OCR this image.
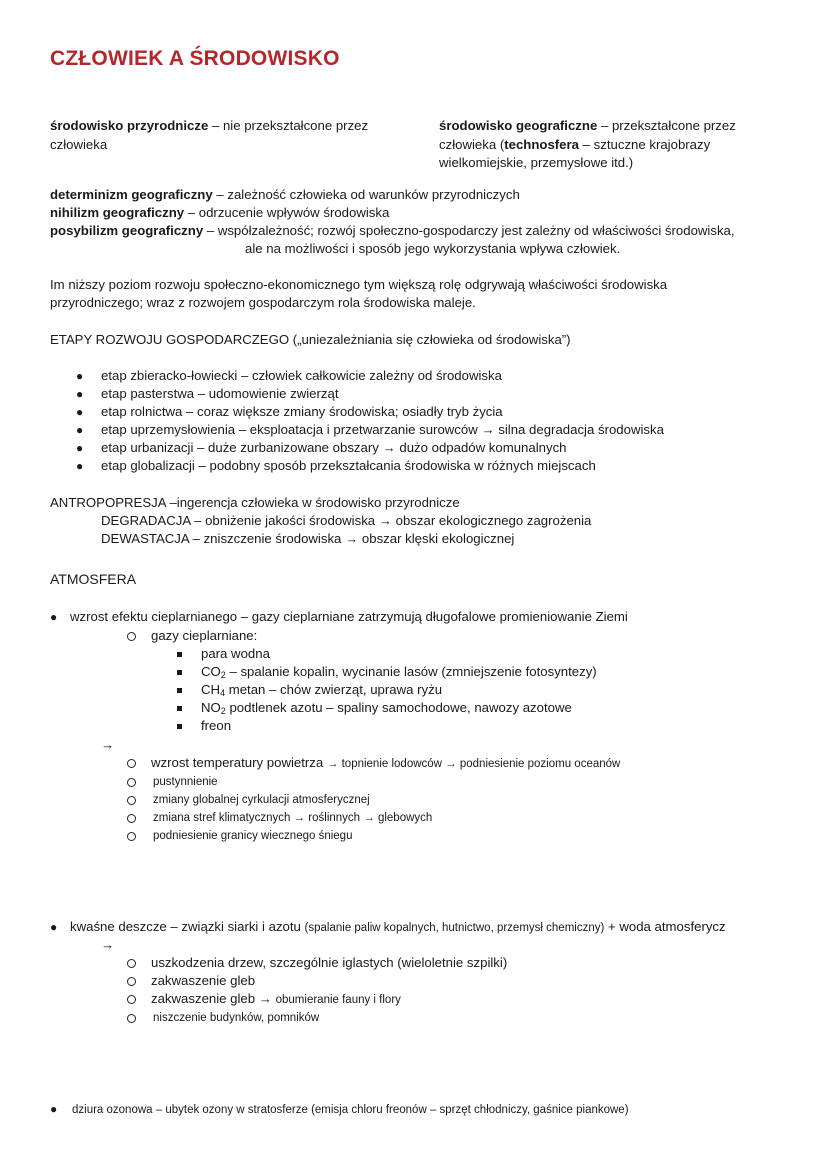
CZŁOWIEK A ŚRODOWISKO
środowisko przyrodnicze – nie przekształcone przez
człowieka
środowisko geograficzne – przekształcone przez
człowieka (technosfera – sztuczne krajobrazy
wielkomiejskie, przemysłowe itd.)
determinizm geograficzny – zależność człowieka od warunków przyrodniczych
nihilizm geograficzny – odrzucenie wpływów środowiska
posybilizm geograficzny – współzależność; rozwój społeczno-gospodarczy jest zależny od właściwości środowiska,
ale na możliwości i sposób jego wykorzystania wpływa człowiek.
Im niższy poziom rozwoju społeczno-ekonomicznego tym większą rolę odgrywają właściwości środowiska
przyrodniczego; wraz z rozwojem gospodarczym rola środowiska maleje.
ETAPY ROZWOJU GOSPODARCZEGO („uniezależniania się człowieka od środowiska”)
● etap zbieracko-łowiecki – człowiek całkowicie zależny od środowiska
● etap pasterstwa – udomowienie zwierząt
● etap rolnictwa – coraz większe zmiany środowiska; osiadły tryb życia
● etap uprzemysłowienia – eksploatacja i przetwarzanie surowców → silna degradacja środowiska
● etap urbanizacji – duże zurbanizowane obszary → dużo odpadów komunalnych
● etap globalizacji – podobny sposób przekształcania środowiska w różnych miejscach
ANTROPOPRESJA –ingerencja człowieka w środowisko przyrodnicze
DEGRADACJA – obniżenie jakości środowiska → obszar ekologicznego zagrożenia
DEWASTACJA – zniszczenie środowiska → obszar klęski ekologicznej
ATMOSFERA
● wzrost efektu cieplarnianego – gazy cieplarniane zatrzymują długofalowe promieniowanie Ziemi
gazy cieplarniane:
para wodna
$CO_2$ – spalanie kopalin, wycinanie lasów (zmniejszenie fotosyntezy)
$CH_4$ metan – chów zwierząt, uprawa ryżu
$NO_2$ podtlenek azotu – spaliny samochodowe, nawozy azotowe
freon
→
wzrost temperatury powietrza → topnienie lodowców → podniesienie poziomu oceanów
pustynnienie
zmiany globalnej cyrkulacji atmosferycznej
zmiana stref klimatycznych → roślinnych → glebowych
podniesienie granicy wiecznego śniegu
● kwaśne deszcze – związki siarki i azotu (spalanie paliw kopalnych, hutnictwo, przemysł chemiczny) + woda atmosferycz
→
uszkodzenia drzew, szczególnie iglastych (wieloletnie szpilki)
zakwaszenie gleb
zakwaszenie gleb → obumieranie fauny i flory
niszczenie budynków, pomników
● dziura ozonowa – ubytek ozony w stratosferze (emisja chloru freonów – sprzęt chłodniczy, gaśnice piankowe)
